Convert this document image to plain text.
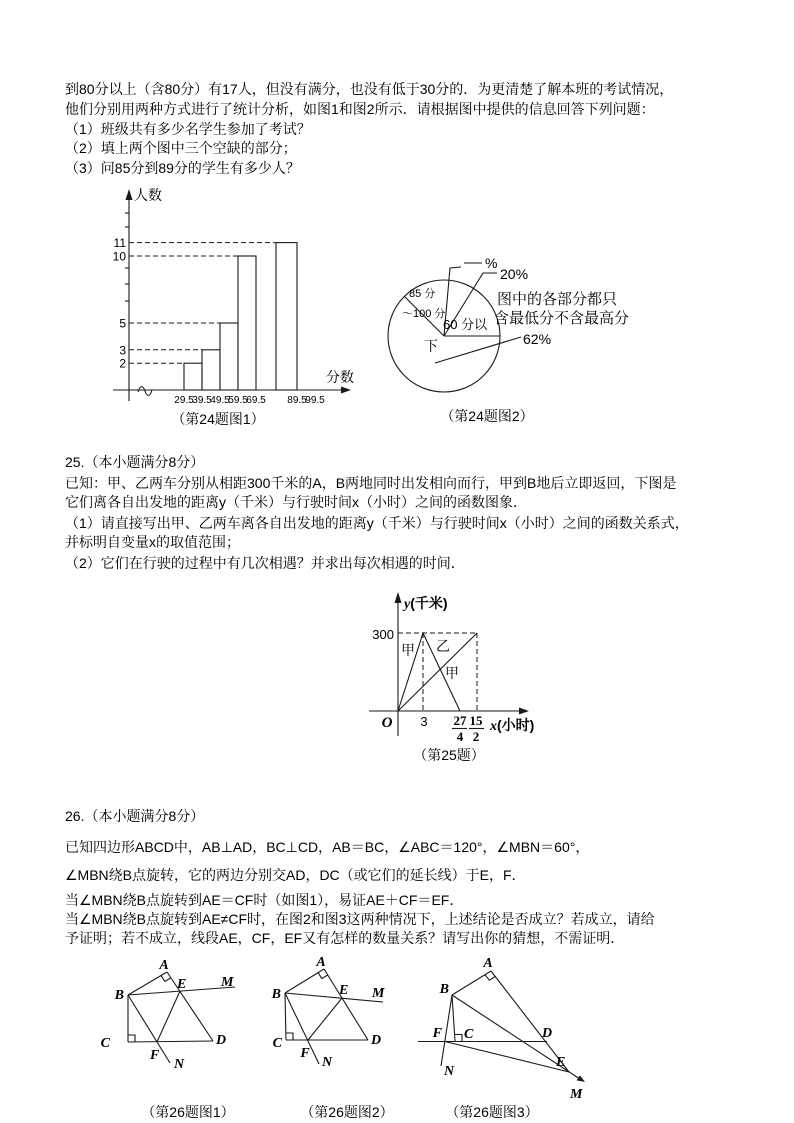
到80分以上（含80分）有17人，但没有满分，也没有低于30分的．为更清楚了解本班的考试情况，
他们分别用两种方式进行了统计分析，如图1和图2所示．请根据图中提供的信息回答下列问题：
（1）班级共有多少名学生参加了考试？
（2）填上两个图中三个空缺的部分；
（3）问85分到89分的学生有多少人？
人数
分数
2
3
5
10
11
29.5
39.5
49.5
59.5
69.5 89.5
99.5
（第24题图1）
%
20%
62%
85 分
～100 分
60 分以
下
图中的各部分都只
含最低分不含最高分
（第24题图2）
25.（本小题满分8分）
已知：甲、乙两车分别从相距300千米的A，B两地同时出发相向而行，甲到B地后立即返回，下图是
它们离各自出发地的距离y（千米）与行驶时间x（小时）之间的函数图象．
（1）请直接写出甲、乙两车离各自出发地的距离y（千米）与行驶时间x（小时）之间的函数关系式，
并标明自变量x的取值范围；
（2）它们在行驶的过程中有几次相遇？并求出每次相遇的时间．
y(千米)
x(小时)
300
O 3 27
4
15
2
甲 乙
甲
（第25题）
26.（本小题满分8分）
已知四边形ABCD中，AB⊥AD，BC⊥CD，AB＝BC，∠ABC＝120°，∠MBN＝60°，
∠MBN绕B点旋转，它的两边分别交AD，DC（或它们的延长线）于E，F．
当∠MBN绕B点旋转到AE＝CF时（如图1），易证AE＋CF＝EF．
当∠MBN绕B点旋转到AE≠CF时，在图2和图3这两种情况下，上述结论是否成立？若成立，请给
予证明；若不成立，线段AE，CF，EF又有怎样的数量关系？请写出你的猜想，不需证明．
A
B
C	D
E
F
M
N
A
B
C	D
E
F
M
N
A
B
F C	D
E
M
N
（第26题图1）	（第26题图2）	（第26题图3）
